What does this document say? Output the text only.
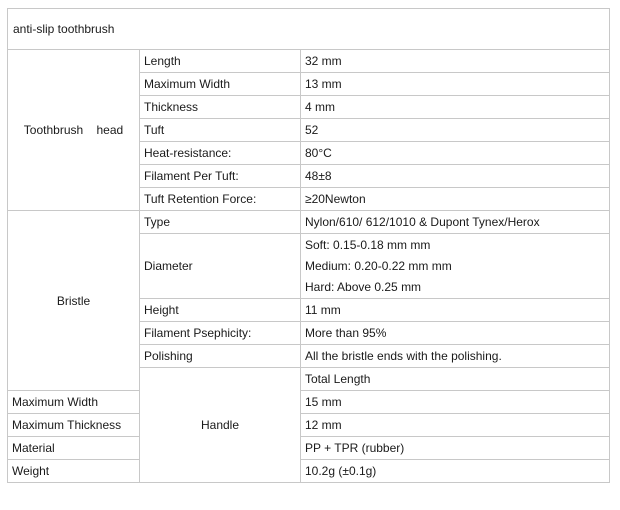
anti-slip toothbrush			
Toothbrush    head	Length	32 mm	
	Maximum Width	13 mm	
	Thickness	4 mm	
	Tuft	52	
	Heat-resistance:	80°C	
	Filament Per Tuft:	48±8	
	Tuft Retention Force:	≥20Newton	
Bristle	Type	Nylon/610/ 612/1010 & Dupont Tynex/Herox	
	Diameter	Soft: 0.15-0.18 mm mm
Medium: 0.20-0.22 mm mm
Hard: Above 0.25 mm	

	Height	11 mm	
	Filament Psephicity:	More than 95%	
	Polishing	All the bristle ends with the polishing.	
	Handle	Total Length	
Maximum Width		15 mm	
Maximum Thickness		12 mm	
Material		PP + TPR (rubber)	
Weight		10.2g (±0.1g)	
